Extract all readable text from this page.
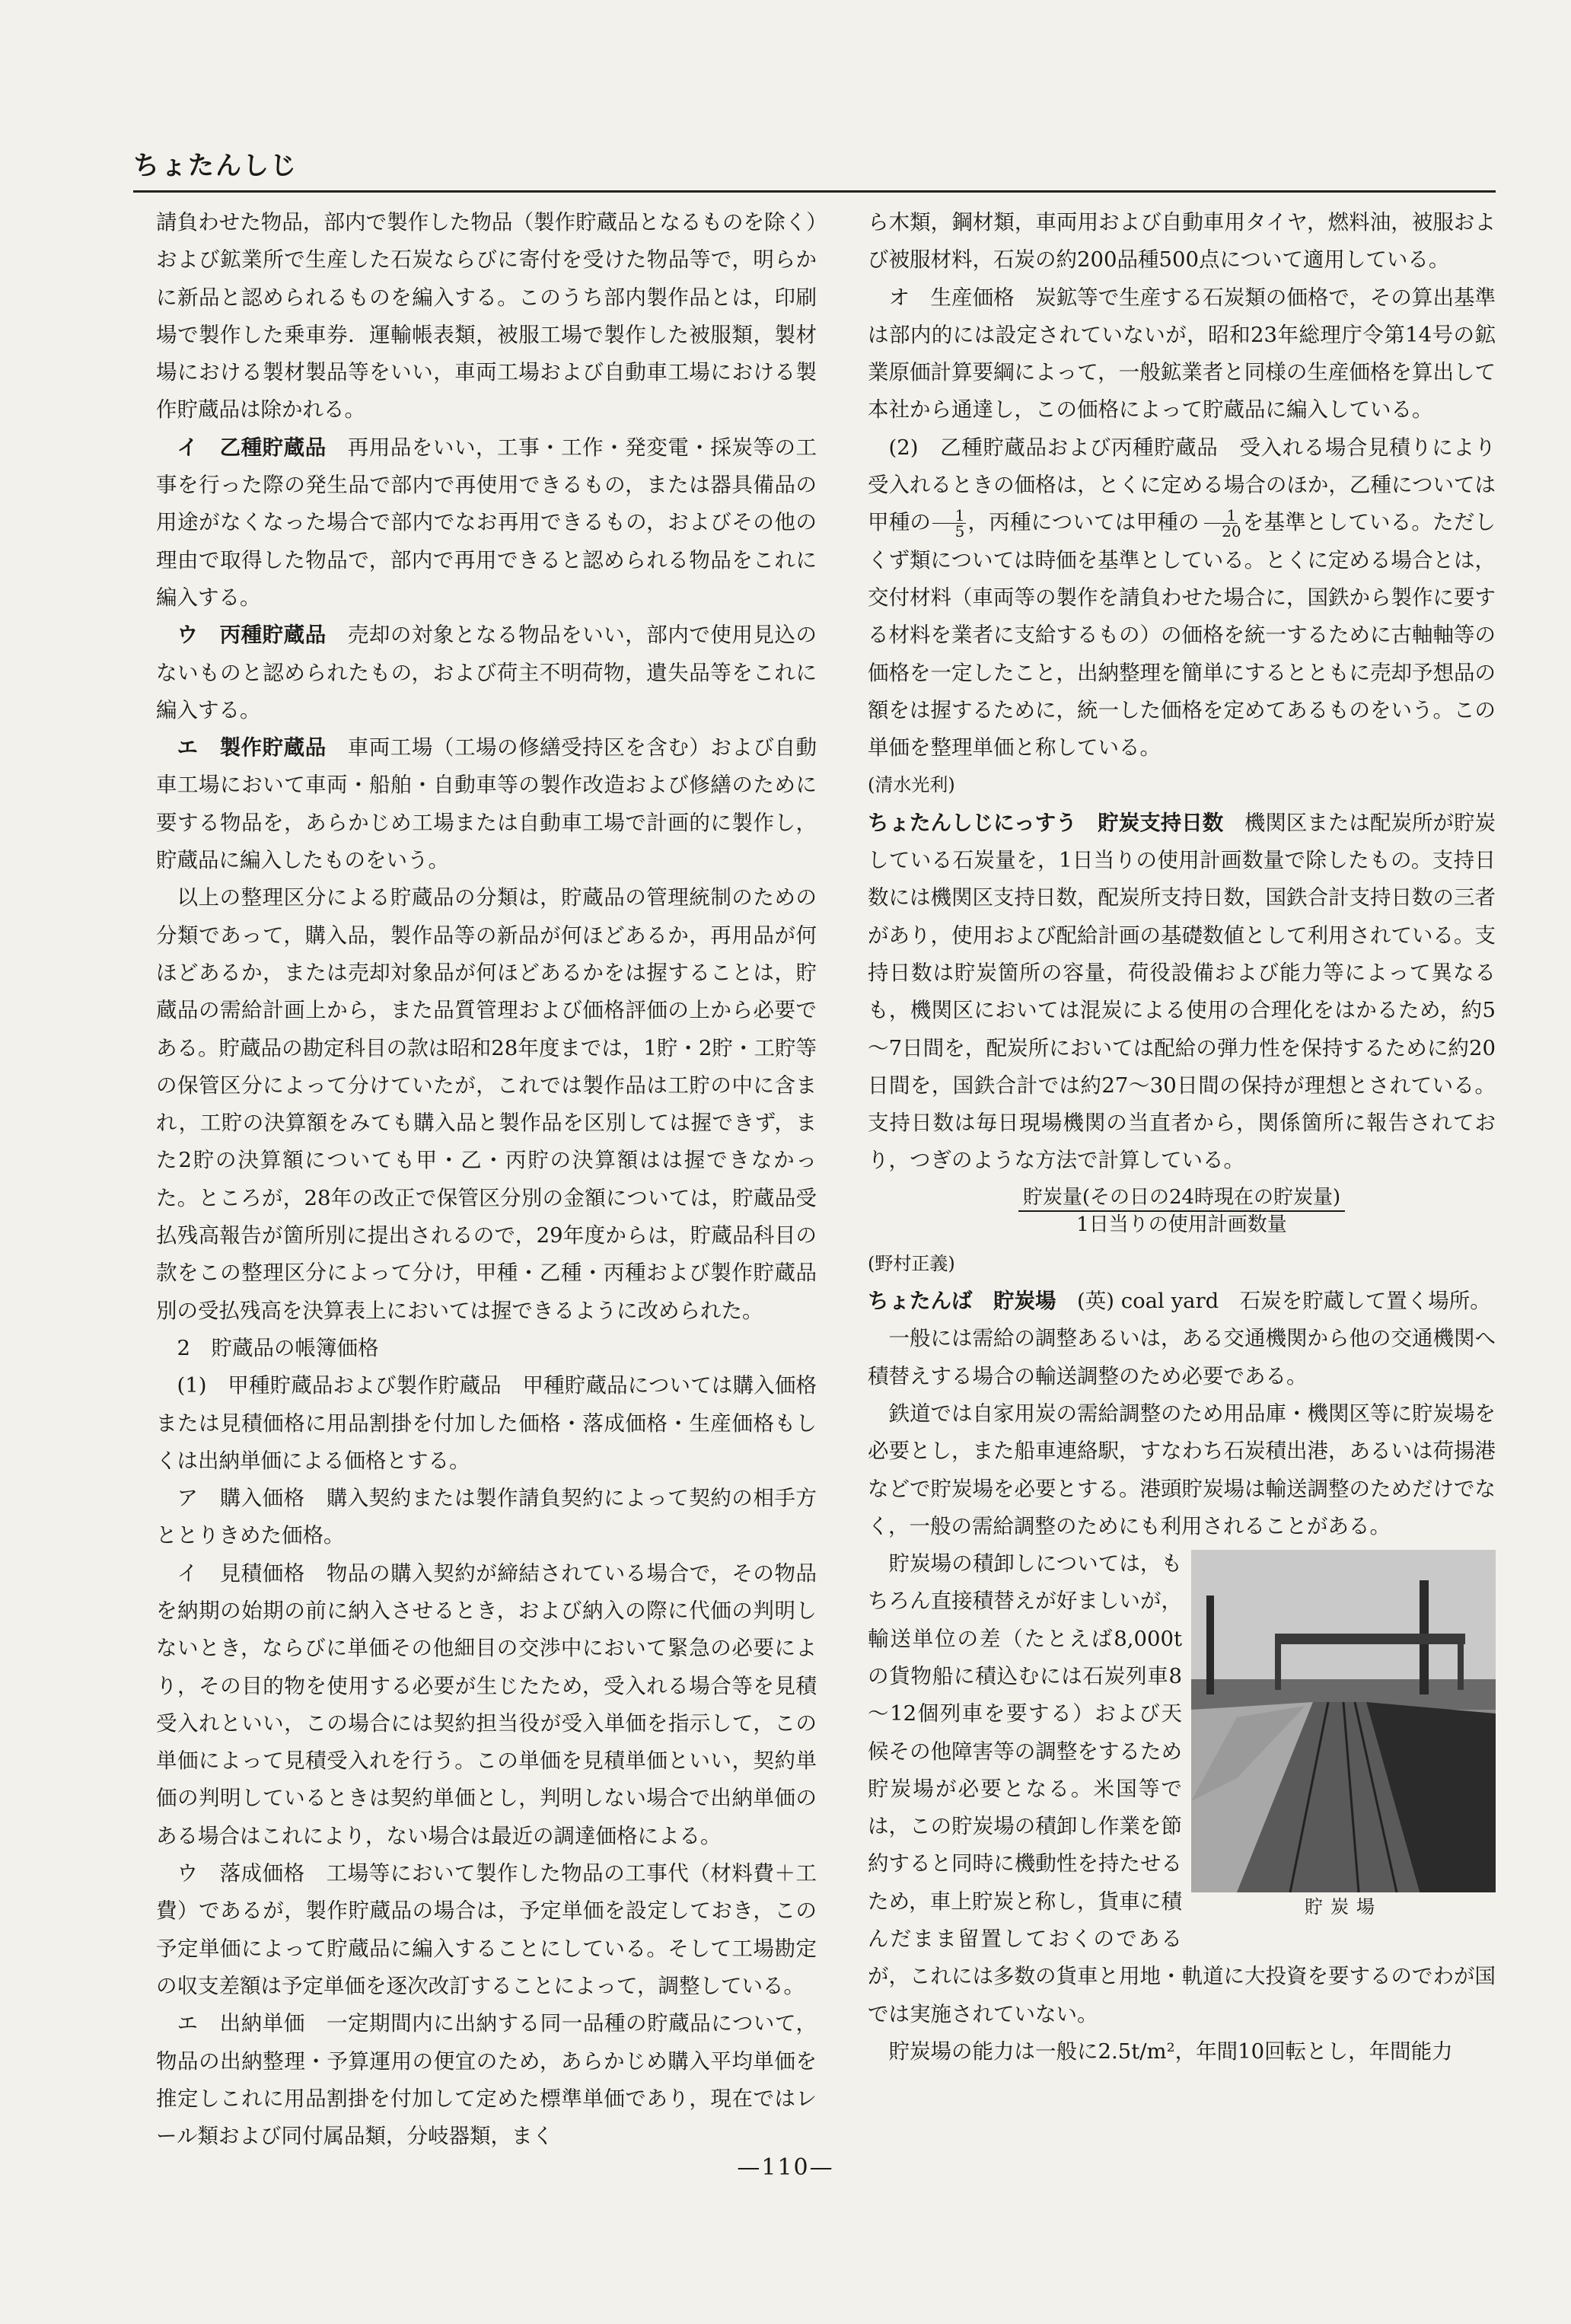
ちょたんしじ

請負わせた物品，部内で製作した物品（製作貯蔵品となるものを除く）および鉱業所で生産した石炭ならびに寄付を受けた物品等で，明らかに新品と認められるものを編入する。このうち部内製作品とは，印刷場で製作した乗車券．運輸帳表類，被服工場で製作した被服類，製材場における製材製品等をいい，車両工場および自動車工場における製作貯蔵品は除かれる。

イ　乙種貯蔵品　 再用品をいい，工事・工作・発変電・採炭等の工事を行った際の発生品で部内で再使用できるもの，または器具備品の用途がなくなった場合で部内でなお再用できるもの，およびその他の理由で取得した物品で，部内で再用できると認められる物品をこれに編入する。

ウ　丙種貯蔵品　 売却の対象となる物品をいい，部内で使用見込のないものと認められたもの，および荷主不明荷物，遺失品等をこれに編入する。

エ　製作貯蔵品　 車両工場（工場の修繕受持区を含む）および自動車工場において車両・船舶・自動車等の製作改造および修繕のために要する物品を，あらかじめ工場または自動車工場で計画的に製作し，貯蔵品に編入したものをいう。

以上の整理区分による貯蔵品の分類は，貯蔵品の管理統制のための分類であって，購入品，製作品等の新品が何ほどあるか，再用品が何ほどあるか，または売却対象品が何ほどあるかをは握することは，貯蔵品の需給計画上から，また品質管理および価格評価の上から必要である。貯蔵品の勘定科目の款は昭和28年度までは，1貯・2貯・工貯等の保管区分によって分けていたが，これでは製作品は工貯の中に含まれ，工貯の決算額をみても購入品と製作品を区別しては握できず，また2貯の決算額についても甲・乙・丙貯の決算額はは握できなかった。ところが，28年の改正で保管区分別の金額については，貯蔵品受払残高報告が箇所別に提出されるので，29年度からは，貯蔵品科目の款をこの整理区分によって分け，甲種・乙種・丙種および製作貯蔵品別の受払残高を決算表上においては握できるように改められた。

2　貯蔵品の帳簿価格

(1)　甲種貯蔵品および製作貯蔵品　甲種貯蔵品については購入価格または見積価格に用品割掛を付加した価格・落成価格・生産価格もしくは出納単価による価格とする。

ア　購入価格　購入契約または製作請負契約によって契約の相手方ととりきめた価格。

イ　見積価格　物品の購入契約が締結されている場合で，その物品を納期の始期の前に納入させるとき，および納入の際に代価の判明しないとき，ならびに単価その他細目の交渉中において緊急の必要により，その目的物を使用する必要が生じたため，受入れる場合等を見積受入れといい，この場合には契約担当役が受入単価を指示して，この単価によって見積受入れを行う。この単価を見積単価といい，契約単価の判明しているときは契約単価とし，判明しない場合で出納単価のある場合はこれにより，ない場合は最近の調達価格による。

ウ　落成価格　工場等において製作した物品の工事代（材料費＋工費）であるが，製作貯蔵品の場合は，予定単価を設定しておき，この予定単価によって貯蔵品に編入することにしている。そして工場勘定の収支差額は予定単価を逐次改訂することによって，調整している。

エ　出納単価　一定期間内に出納する同一品種の貯蔵品について，物品の出納整理・予算運用の便宜のため，あらかじめ購入平均単価を推定しこれに用品割掛を付加して定めた標準単価であり，現在ではレール類および同付属品類，分岐器類，まく

ら木類，鋼材類，車両用および自動車用タイヤ，燃料油，被服および被服材料，石炭の約200品種500点について適用している。

オ　生産価格　炭鉱等で生産する石炭類の価格で，その算出基準は部内的には設定されていないが，昭和23年総理庁令第14号の鉱業原価計算要綱によって，一般鉱業者と同様の生産価格を算出して本社から通達し，この価格によって貯蔵品に編入している。

(2)　乙種貯蔵品および丙種貯蔵品　受入れる場合見積りにより受入れるときの価格は，とくに定める場合のほか，乙種については甲種の $\frac{1}{5}$ ，丙種については甲種の $\frac{1}{20}$ を基準としている。ただしくず類については時価を基準としている。とくに定める場合とは，交付材料（車両等の製作を請負わせた場合に，国鉄から製作に要する材料を業者に支給するもの）の価格を統一するために古軸軸等の価格を一定したこと，出納整理を簡単にするとともに売却予想品の額をは握するために，統一した価格を定めてあるものをいう。この単価を整理単価と称している。

(清水光利)

ちょたんしじにっすう　貯炭支持日数　 機関区または配炭所が貯炭している石炭量を，1日当りの使用計画数量で除したもの。支持日数には機関区支持日数，配炭所支持日数，国鉄合計支持日数の三者があり，使用および配給計画の基礎数値として利用されている。支持日数は貯炭箇所の容量，荷役設備および能力等によって異なるも，機関区においては混炭による使用の合理化をはかるため，約5～7日間を，配炭所においては配給の弾力性を保持するために約20日間を，国鉄合計では約27～30日間の保持が理想とされている。支持日数は毎日現場機関の当直者から，関係箇所に報告されており，つぎのような方法で計算している。

貯炭量(その日の24時現在の貯炭量)
1日当りの使用計画数量

(野村正義)

ちょたんば　貯炭場　 (英) coal yard　 石炭を貯蔵して置く場所。

一般には需給の調整あるいは，ある交通機関から他の交通機関へ積替えする場合の輸送調整のため必要である。

鉄道では自家用炭の需給調整のため用品庫・機関区等に貯炭場を必要とし，また船車連絡駅，すなわち石炭積出港，あるいは荷揚港などで貯炭場を必要とする。港頭貯炭場は輸送調整のためだけでなく，一般の需給調整のためにも利用されることがある。

貯炭場

貯炭場の積卸しについては，もちろん直接積替えが好ましいが，輸送単位の差（たとえば8,000tの貨物船に積込むには石炭列車8～12個列車を要する）および天候その他障害等の調整をするため貯炭場が必要となる。米国等では，この貯炭場の積卸し作業を節約すると同時に機動性を持たせるため，車上貯炭と称し，貨車に積んだまま留置しておくのであるが，これには多数の貨車と用地・軌道に大投資を要するのでわが国では実施されていない。

貯炭場の能力は一般に2.5t/m²，年間10回転とし，年間能力

—110—
